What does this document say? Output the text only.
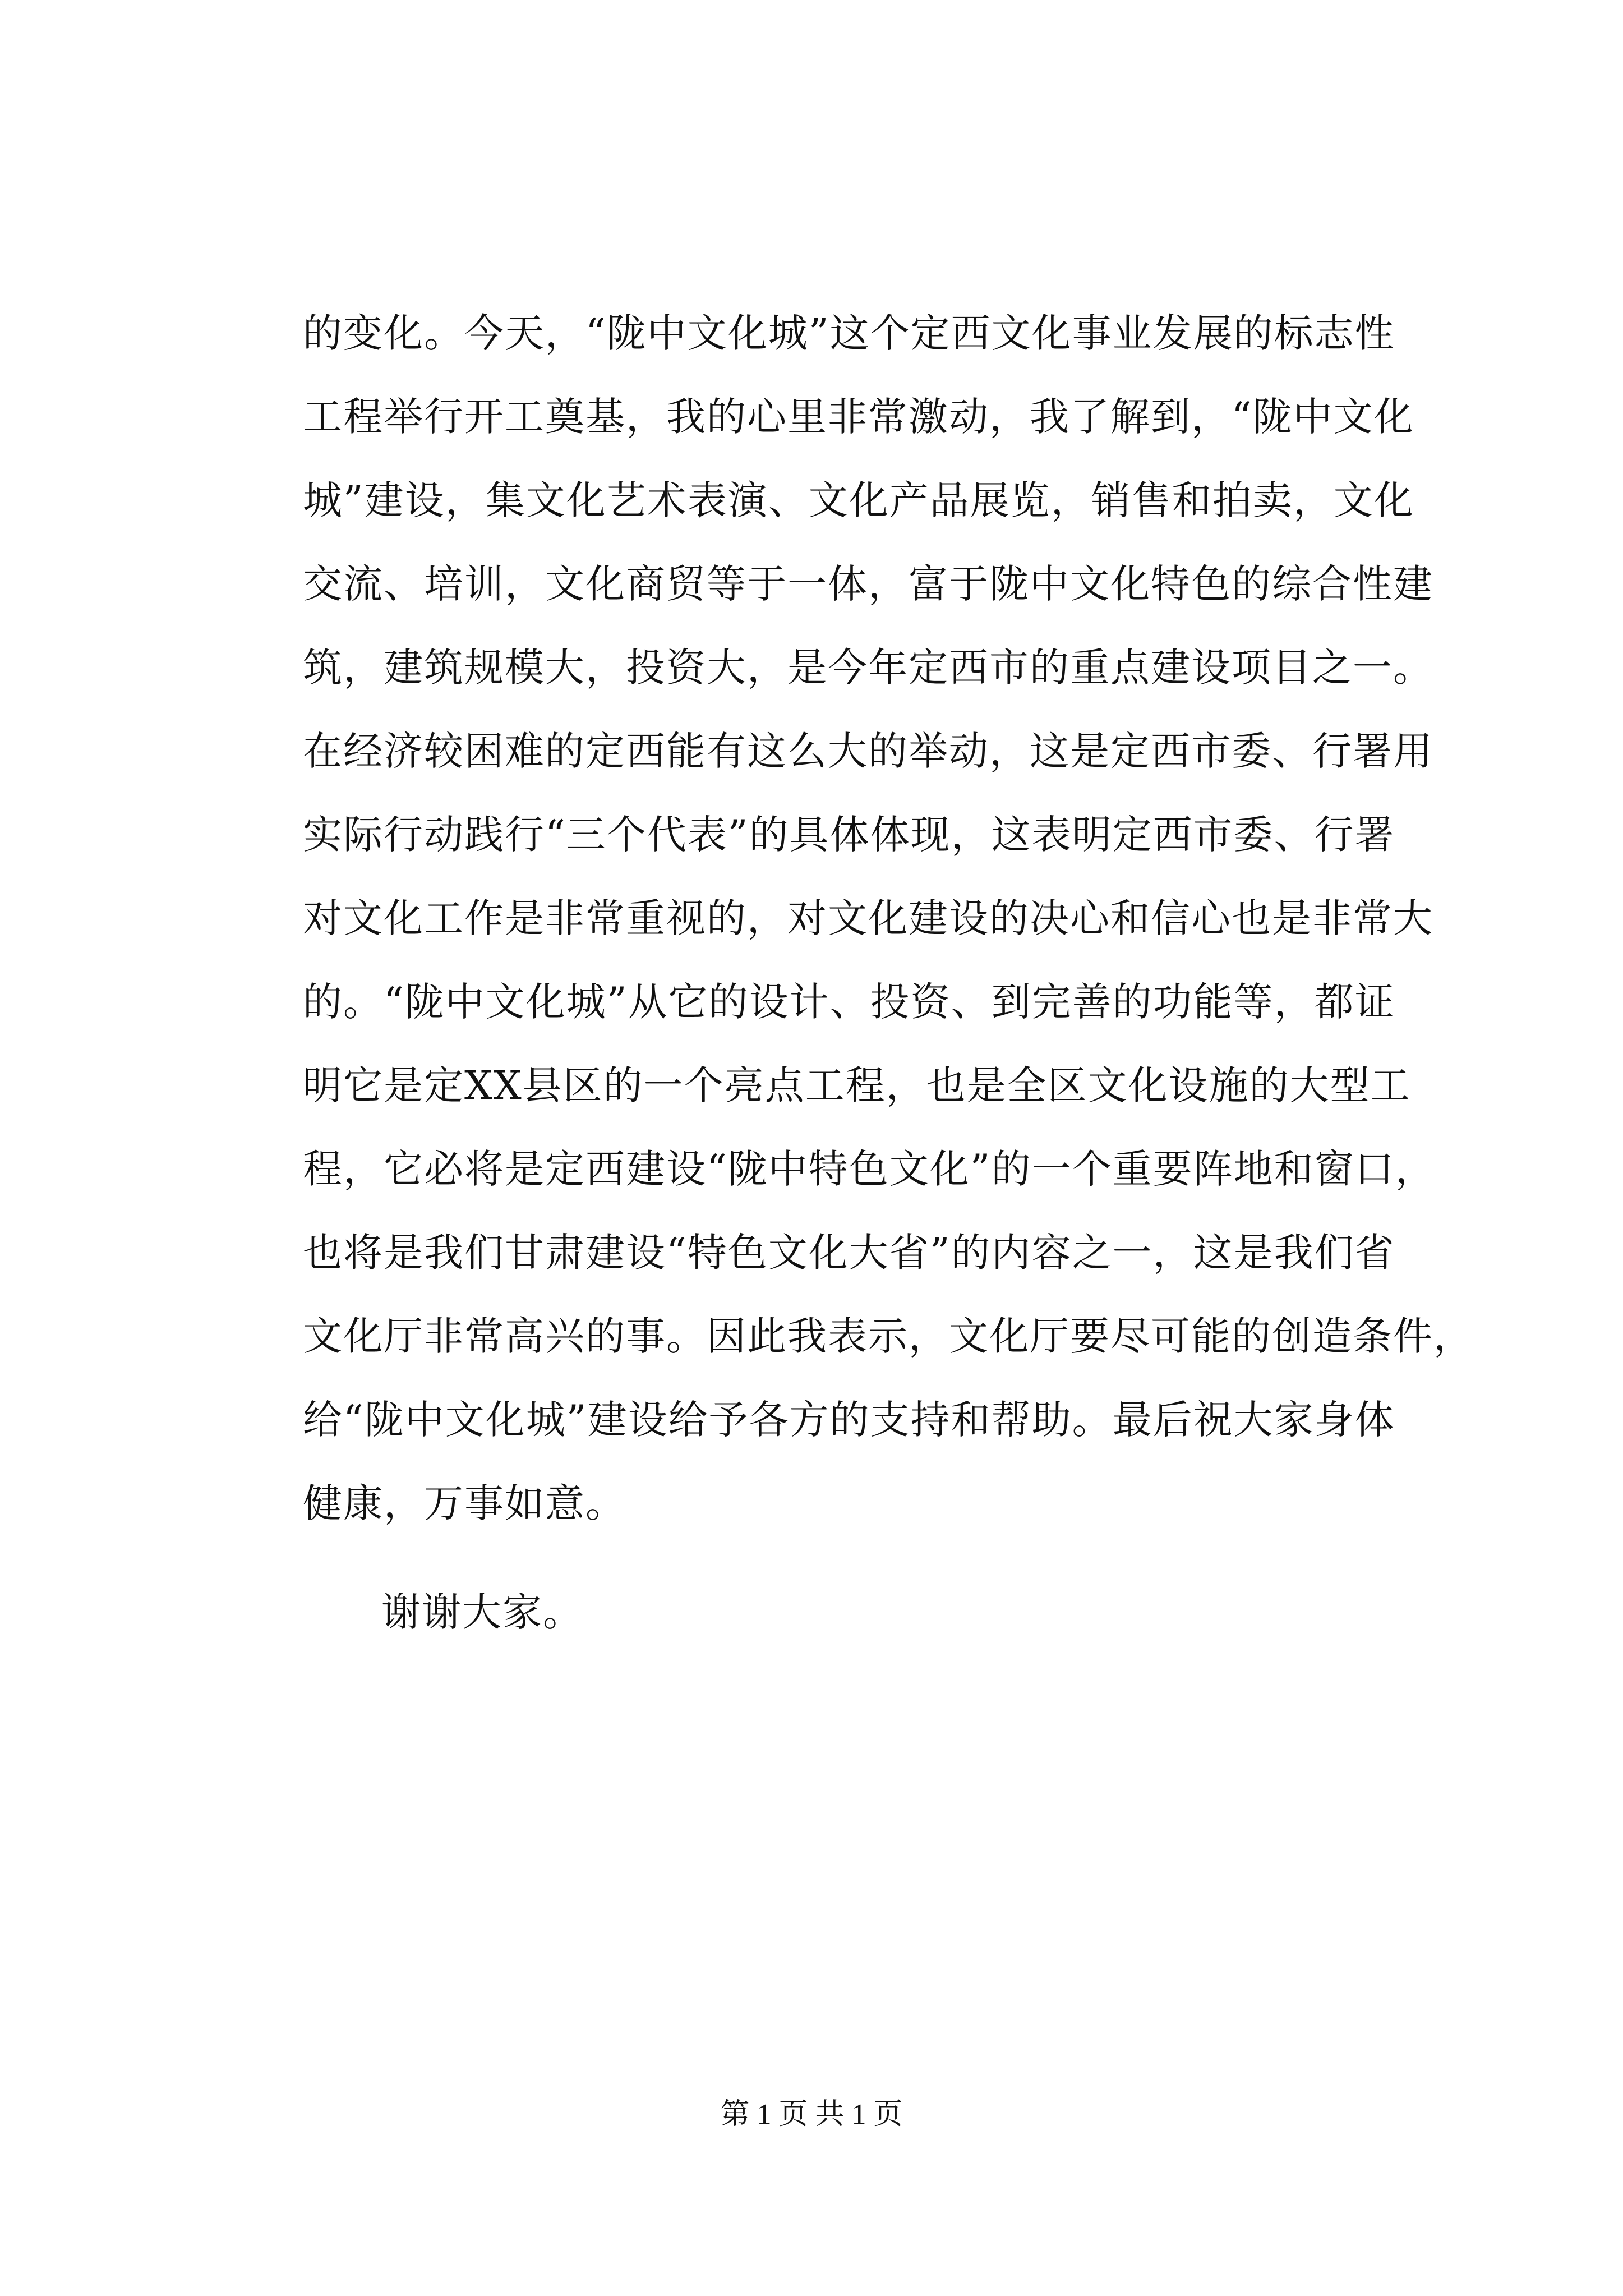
的变化。今天，“陇中文化城”这个定西文化事业发展的标志性
工程举行开工奠基，我的心里非常激动，我了解到，“陇中文化
城”建设，集文化艺术表演、文化产品展览，销售和拍卖，文化
交流、培训，文化商贸等于一体，富于陇中文化特色的综合性建
筑，建筑规模大，投资大，是今年定西市的重点建设项目之一。
在经济较困难的定西能有这么大的举动，这是定西市委、行署用
实际行动践行“三个代表”的具体体现，这表明定西市委、行署
对文化工作是非常重视的，对文化建设的决心和信心也是非常大
的。“陇中文化城”从它的设计、投资、到完善的功能等，都证
明它是定XX县区的一个亮点工程，也是全区文化设施的大型工
程，它必将是定西建设“陇中特色文化”的一个重要阵地和窗口，
也将是我们甘肃建设“特色文化大省”的内容之一，这是我们省
文化厅非常高兴的事。因此我表示，文化厅要尽可能的创造条件，
给“陇中文化城”建设给予各方的支持和帮助。最后祝大家身体
健康，万事如意。
谢谢大家。
第 1 页 共 1 页
